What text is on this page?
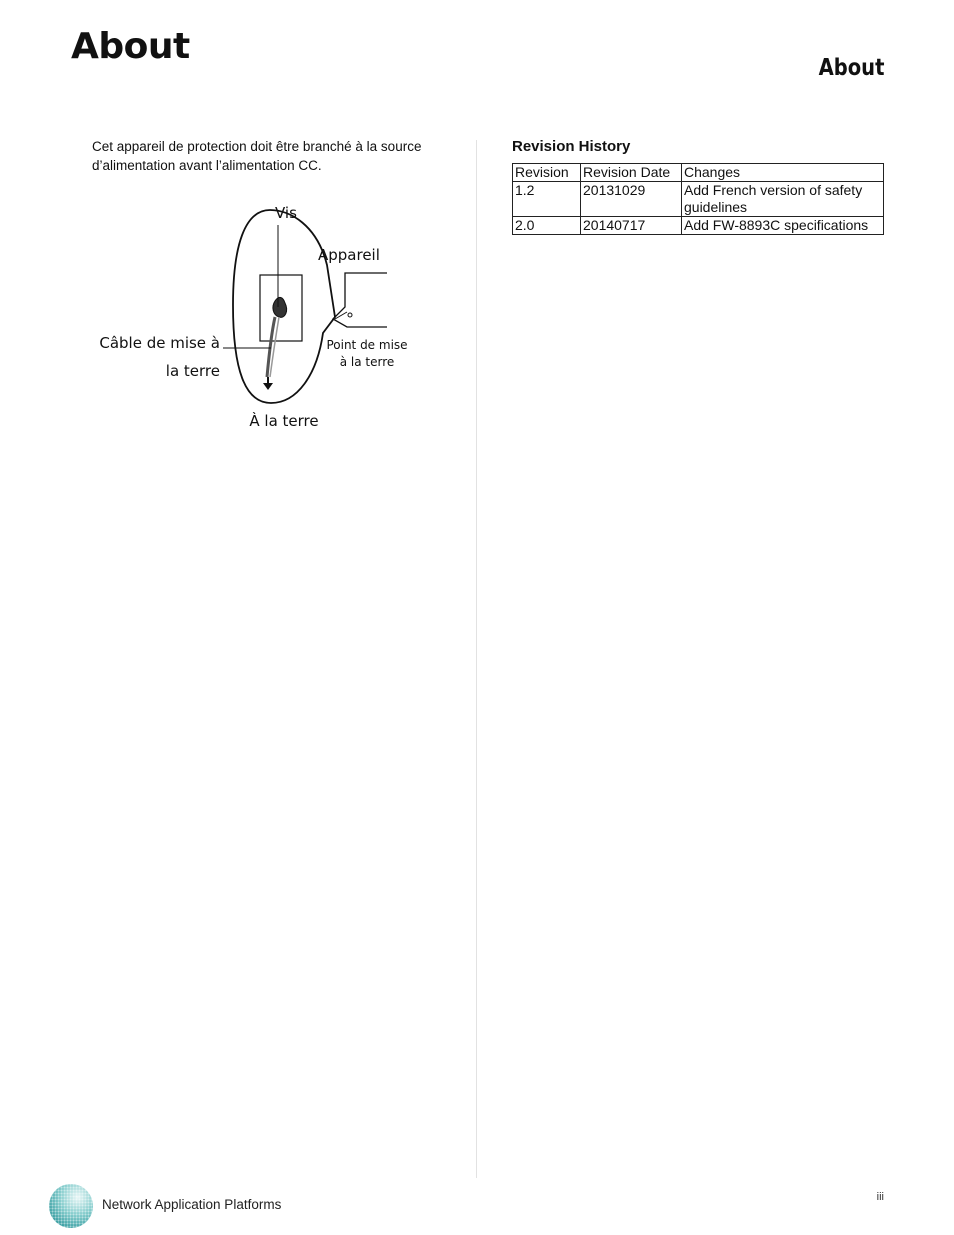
About
About

Cet appareil de protection doit être branché à la source d’alimentation avant l’alimentation CC.

Vis
Appareil
Câble de mise à
la terre
Point de mise
à la terre
À la terre
Revision History
Revision	Revision Date	Changes
1.2	20131029	Add French version of safety guidelines
2.0	20140717	Add FW-8893C specifications
Network Application Platforms	iii
